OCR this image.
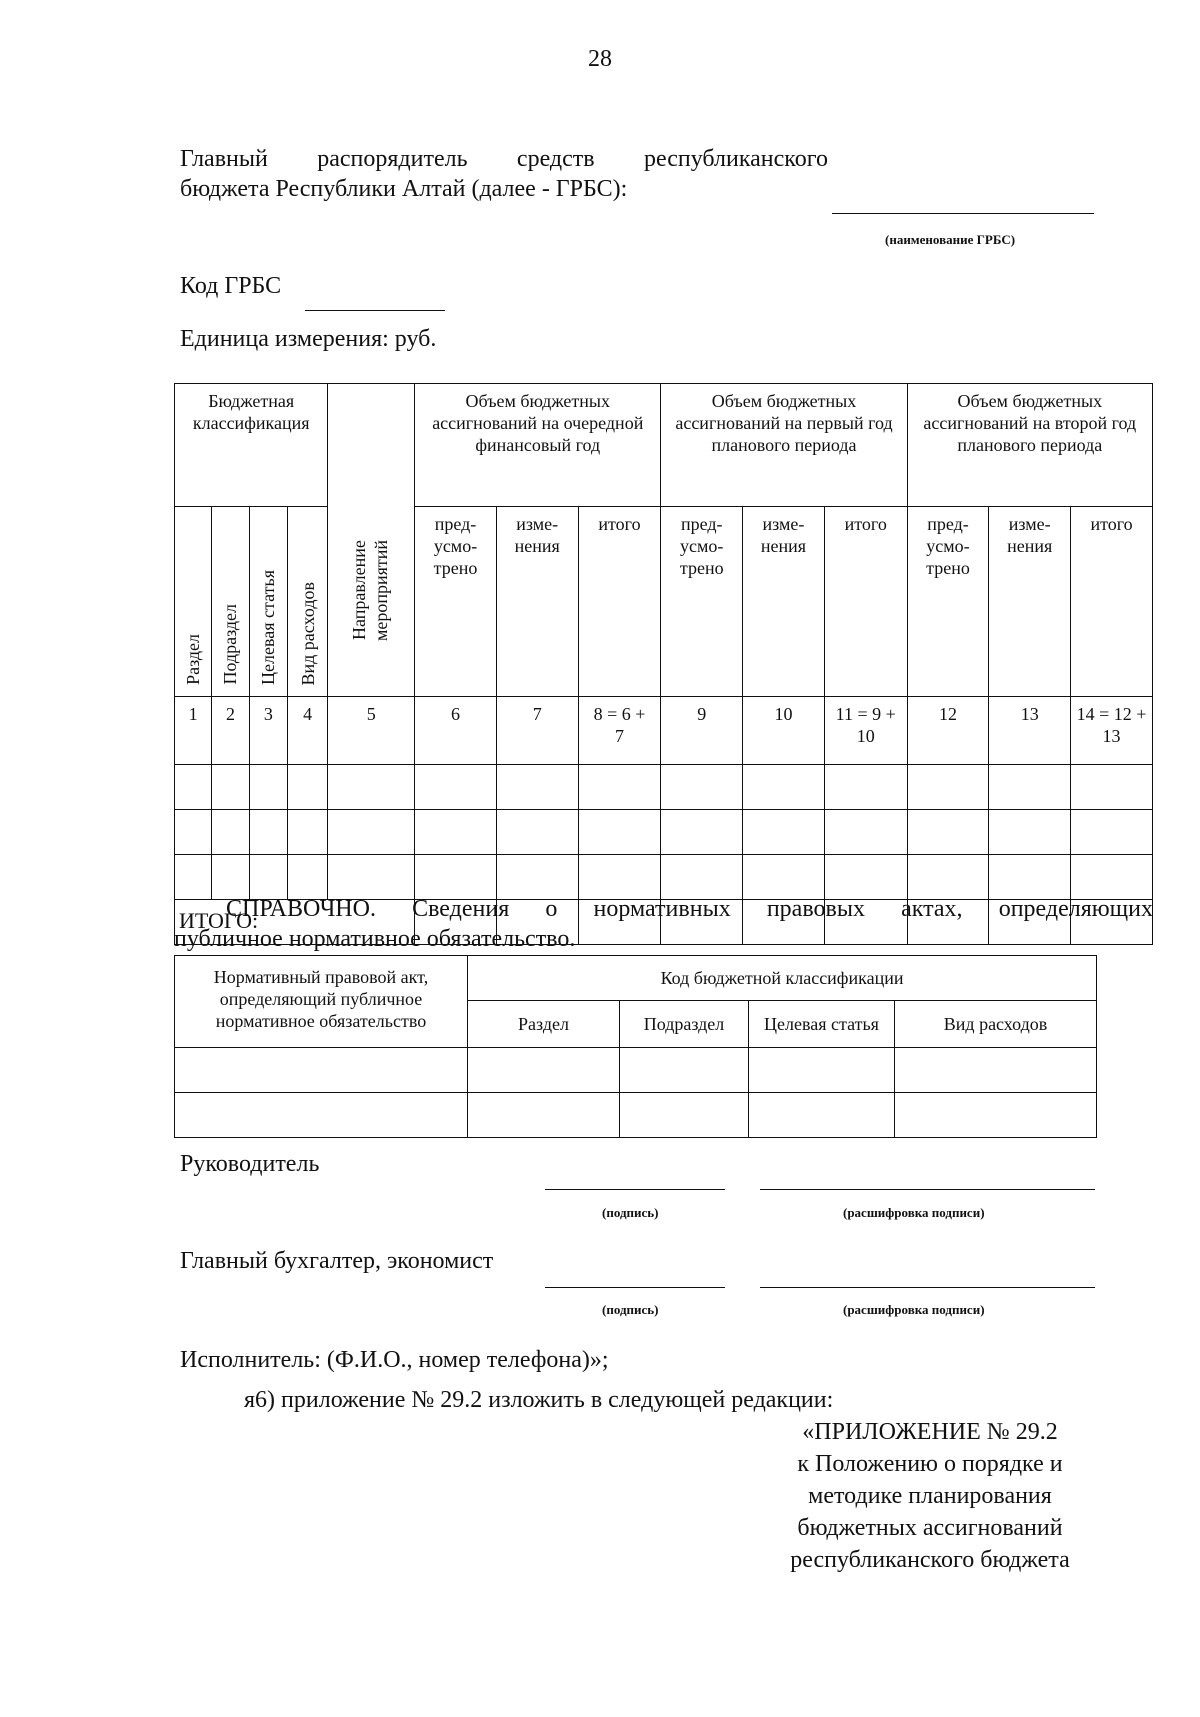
28
Главный распорядитель средств республиканского
бюджета Республики Алтай (далее - ГРБС):
(наименование ГРБС)
Код ГРБС
Единица измерения: руб.
Бюджетная классификация				Направление мероприятий	Объем бюджетных ассигнований на очередной финансовый год			Объем бюджетных ассигнований на первый год планового периода			Объем бюджетных ассигнований на второй год планового периода		
Раздел	Подраздел	Целевая статья	Вид расходов		пред-усмо-трено	изме-нения	итого	пред-усмо-трено	изме-нения	итого	пред-усмо-трено	изме-нения	итого
1	2	3	4	5	6	7	8 = 6 + 7	9	10	11 = 9 + 10	12	13	14 = 12 + 13

ИТОГО:													
СПРАВОЧНО. Сведения о нормативных правовых актах, определяющих
публичное нормативное обязательство.
Нормативный правовой акт, определяющий публичное нормативное обязательство	Код бюджетной классификации			
	Раздел	Подраздел	Целевая статья	Вид расходов

Руководитель
(подпись)	(расшифровка подписи)
Главный бухгалтер, экономист
(подпись)	(расшифровка подписи)
Исполнитель: (Ф.И.О., номер телефона)»;
я6) приложение № 29.2 изложить в следующей редакции:
«ПРИЛОЖЕНИЕ № 29.2
к Положению о порядке и
методике планирования
бюджетных ассигнований
республиканского бюджета
